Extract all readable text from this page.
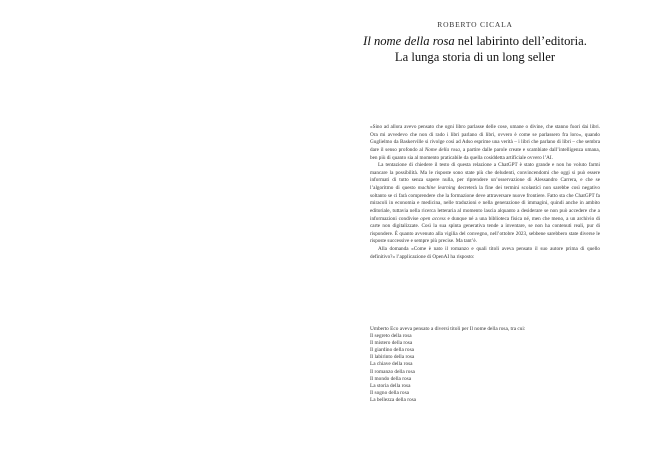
ROBERTO CICALA
Il nome della rosa nel labirinto dell’editoria.
La lunga storia di un long seller

«Sino ad allora avevo pensato che ogni libro parlasse delle cose, umane o divine, che stanno fuori dai libri. Ora mi avvedevo che non di rado i libri parlano di libri, ovvero è come se parlassero fra loro», quando Guglielmo da Baskerville si rivolge così ad Adso esprime una verità – i libri che parlano di libri – che sembra dare il senso profondo al Nome della rosa, a partire dalle parole create e scambiate dall’intelligenza umana, ben più di quanto sia al momento praticabile da quella cosiddetta artificiale ovvero l’AI.

La tentazione di chiedere il testo di questa relazione a ChatGPT è stato grande e non ho voluto farmi mancare la possibilità. Ma le risposte sono state più che deludenti, convincendomi che oggi si può essere informati di tutto senza sapere nulla, per riprendere un’osservazione di Alessandro Carrera, e che se l’algoritmo di questo machine learning decreterà la fine dei termini scolastici non sarebbe così negativo soltanto se ci farà comprendere che la formazione deve attraversare nuove frontiere. Fatto sta che ChatGPT fa miracoli in economia e medicina, nelle traduzioni e nella generazione di immagini, quindi anche in ambito editoriale, tuttavia nella ricerca letteraria al momento lascia alquanto a desiderare se non può accedere che a informazioni condivise open access e dunque né a una biblioteca fisica né, men che meno, a un archivio di carte non digitalizzate. Così la sua spinta generativa tende a inventare, se non ha contenuti reali, pur di rispondere. È quanto avvenuto alla vigilia del convegno, nell’ottobre 2023, sebbene sarebbero state diverse le risposte successive e sempre più precise. Ma tant’è.

Alla domanda «Come è nato il romanzo e quali titoli aveva pensato il suo autore prima di quello definitivo?» l’applicazione di OpenAI ha risposto:

Umberto Eco aveva pensato a diversi titoli per Il nome della rosa, tra cui:
Il segreto della rosa
Il mistero della rosa
Il giardino della rosa
Il labirinto della rosa
La chiave della rosa
Il romanzo della rosa
Il mondo della rosa
La storia della rosa
Il sogno della rosa
La bellezza della rosa
